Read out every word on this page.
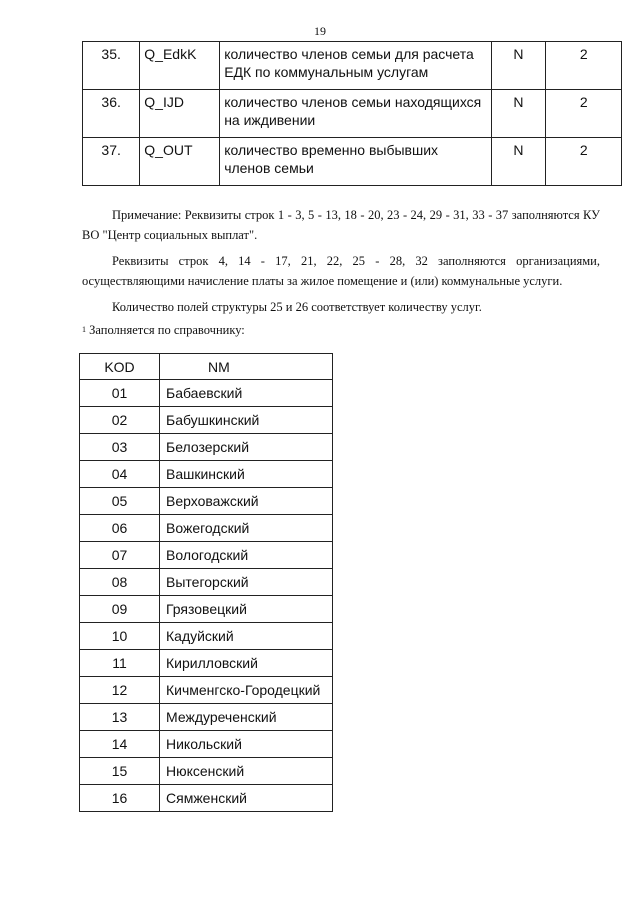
19
35.	Q_EdkK	количество членов семьи для расчета ЕДК по коммунальным услугам	N	2
36.	Q_IJD	количество членов семьи находящихся на иждивении	N	2
37.	Q_OUT	количество временно выбывших членов семьи	N	2
Примечание: Реквизиты строк 1 - 3, 5 - 13, 18 - 20, 23 - 24, 29 - 31, 33 - 37 заполняются КУ ВО "Центр социальных выплат".
Реквизиты строк 4, 14 - 17, 21, 22, 25 - 28, 32 заполняются организациями, осуществляющими начисление платы за жилое помещение и (или) коммунальные услуги.
Количество полей структуры 25 и 26 соответствует количеству услуг.
$^1$ Заполняется по справочнику:
KOD	NM
01	Бабаевский
02	Бабушкинский
03	Белозерский
04	Вашкинский
05	Верховажский
06	Вожегодский
07	Вологодский
08	Вытегорский
09	Грязовецкий
10	Кадуйский
11	Кирилловский
12	Кичменгско-Городецкий
13	Междуреченский
14	Никольский
15	Нюксенский
16	Сямженский
